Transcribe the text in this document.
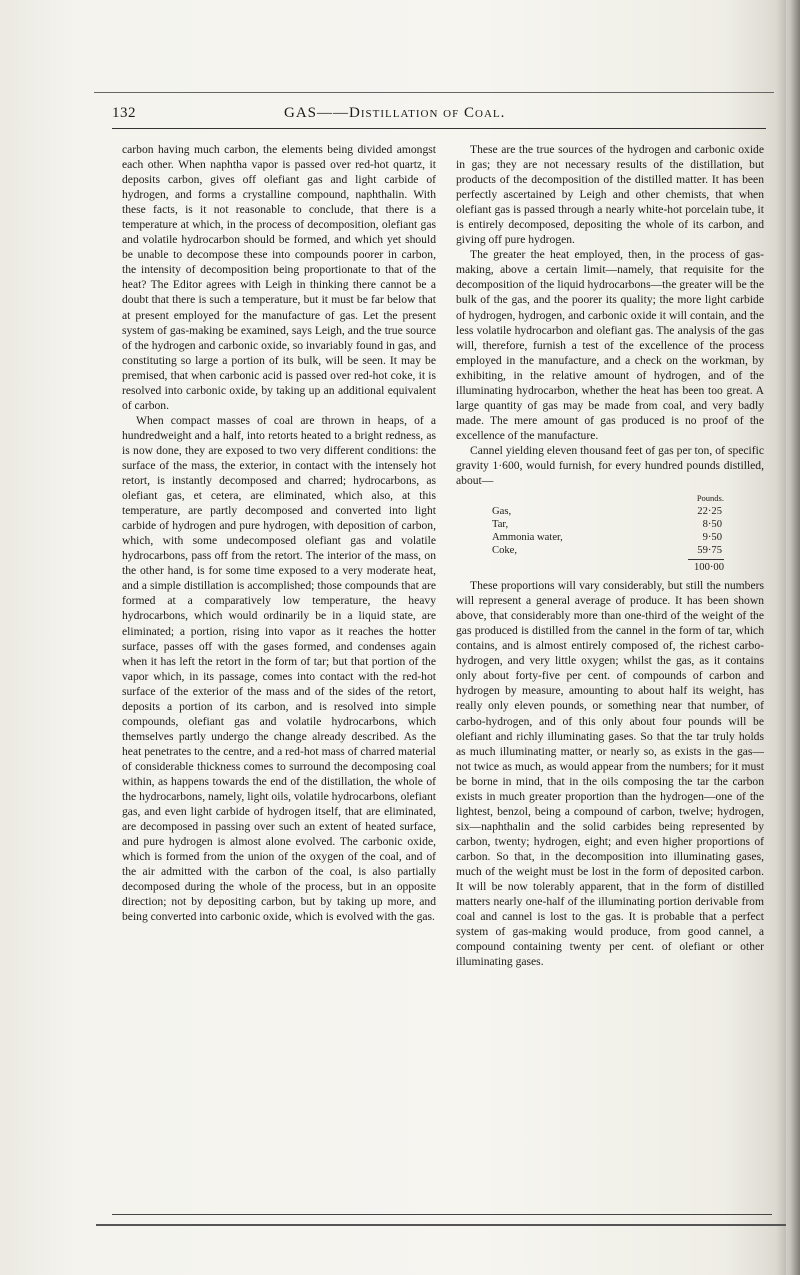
132	GAS——Distillation of Coal.

carbon having much carbon, the elements being divided amongst each other. When naphtha vapor is passed over red-hot quartz, it deposits carbon, gives off olefiant gas and light carbide of hydrogen, and forms a crystalline compound, naphthalin. With these facts, is it not reasonable to conclude, that there is a temperature at which, in the process of decomposition, olefiant gas and volatile hydrocarbon should be formed, and which yet should be unable to decompose these into compounds poorer in carbon, the intensity of decomposition being proportionate to that of the heat? The Editor agrees with Leigh in thinking there cannot be a doubt that there is such a temperature, but it must be far below that at present employed for the manufacture of gas. Let the present system of gas-making be examined, says Leigh, and the true source of the hydrogen and carbonic oxide, so invariably found in gas, and constituting so large a portion of its bulk, will be seen. It may be premised, that when carbonic acid is passed over red-hot coke, it is resolved into carbonic oxide, by taking up an additional equivalent of carbon.

When compact masses of coal are thrown in heaps, of a hundredweight and a half, into retorts heated to a bright redness, as is now done, they are exposed to two very different conditions: the surface of the mass, the exterior, in contact with the intensely hot retort, is instantly decomposed and charred; hydrocarbons, as olefiant gas, et cetera, are eliminated, which also, at this temperature, are partly decomposed and converted into light carbide of hydrogen and pure hydrogen, with deposition of carbon, which, with some undecomposed olefiant gas and volatile hydrocarbons, pass off from the retort. The interior of the mass, on the other hand, is for some time exposed to a very moderate heat, and a simple distillation is accomplished; those compounds that are formed at a comparatively low temperature, the heavy hydrocarbons, which would ordinarily be in a liquid state, are eliminated; a portion, rising into vapor as it reaches the hotter surface, passes off with the gases formed, and condenses again when it has left the retort in the form of tar; but that portion of the vapor which, in its passage, comes into contact with the red-hot surface of the exterior of the mass and of the sides of the retort, deposits a portion of its carbon, and is resolved into simple compounds, olefiant gas and volatile hydrocarbons, which themselves partly undergo the change already described. As the heat penetrates to the centre, and a red-hot mass of charred material of considerable thickness comes to surround the decomposing coal within, as happens towards the end of the distillation, the whole of the hydrocarbons, namely, light oils, volatile hydrocarbons, olefiant gas, and even light carbide of hydrogen itself, that are eliminated, are decomposed in passing over such an extent of heated surface, and pure hydrogen is almost alone evolved. The carbonic oxide, which is formed from the union of the oxygen of the coal, and of the air admitted with the carbon of the coal, is also partially decomposed during the whole of the process, but in an opposite direction; not by depositing carbon, but by taking up more, and being converted into carbonic oxide, which is evolved with the gas.

These are the true sources of the hydrogen and carbonic oxide in gas; they are not necessary results of the distillation, but products of the decomposition of the distilled matter. It has been perfectly ascertained by Leigh and other chemists, that when olefiant gas is passed through a nearly white-hot porcelain tube, it is entirely decomposed, depositing the whole of its carbon, and giving off pure hydrogen.

The greater the heat employed, then, in the process of gas-making, above a certain limit—namely, that requisite for the decomposition of the liquid hydrocarbons—the greater will be the bulk of the gas, and the poorer its quality; the more light carbide of hydrogen, hydrogen, and carbonic oxide it will contain, and the less volatile hydrocarbon and olefiant gas. The analysis of the gas will, therefore, furnish a test of the excellence of the process employed in the manufacture, and a check on the workman, by exhibiting, in the relative amount of hydrogen, and of the illuminating hydrocarbon, whether the heat has been too great. A large quantity of gas may be made from coal, and very badly made. The mere amount of gas produced is no proof of the excellence of the manufacture.

Cannel yielding eleven thousand feet of gas per ton, of specific gravity 1·600, would furnish, for every hundred pounds distilled, about—

Pounds.
Gas,	22·25
Tar,	8·50
Ammonia water,	9·50
Coke,	59·75
100·00

These proportions will vary considerably, but still the numbers will represent a general average of produce. It has been shown above, that considerably more than one-third of the weight of the gas produced is distilled from the cannel in the form of tar, which contains, and is almost entirely composed of, the richest carbo-hydrogen, and very little oxygen; whilst the gas, as it contains only about forty-five per cent. of compounds of carbon and hydrogen by measure, amounting to about half its weight, has really only eleven pounds, or something near that number, of carbo-hydrogen, and of this only about four pounds will be olefiant and richly illuminating gases. So that the tar truly holds as much illuminating matter, or nearly so, as exists in the gas—not twice as much, as would appear from the numbers; for it must be borne in mind, that in the oils composing the tar the carbon exists in much greater proportion than the hydrogen—one of the lightest, benzol, being a compound of carbon, twelve; hydrogen, six—naphthalin and the solid carbides being represented by carbon, twenty; hydrogen, eight; and even higher proportions of carbon. So that, in the decomposition into illuminating gases, much of the weight must be lost in the form of deposited carbon. It will be now tolerably apparent, that in the form of distilled matters nearly one-half of the illuminating portion derivable from coal and cannel is lost to the gas. It is probable that a perfect system of gas-making would produce, from good cannel, a compound containing twenty per cent. of olefiant or other illuminating gases.
